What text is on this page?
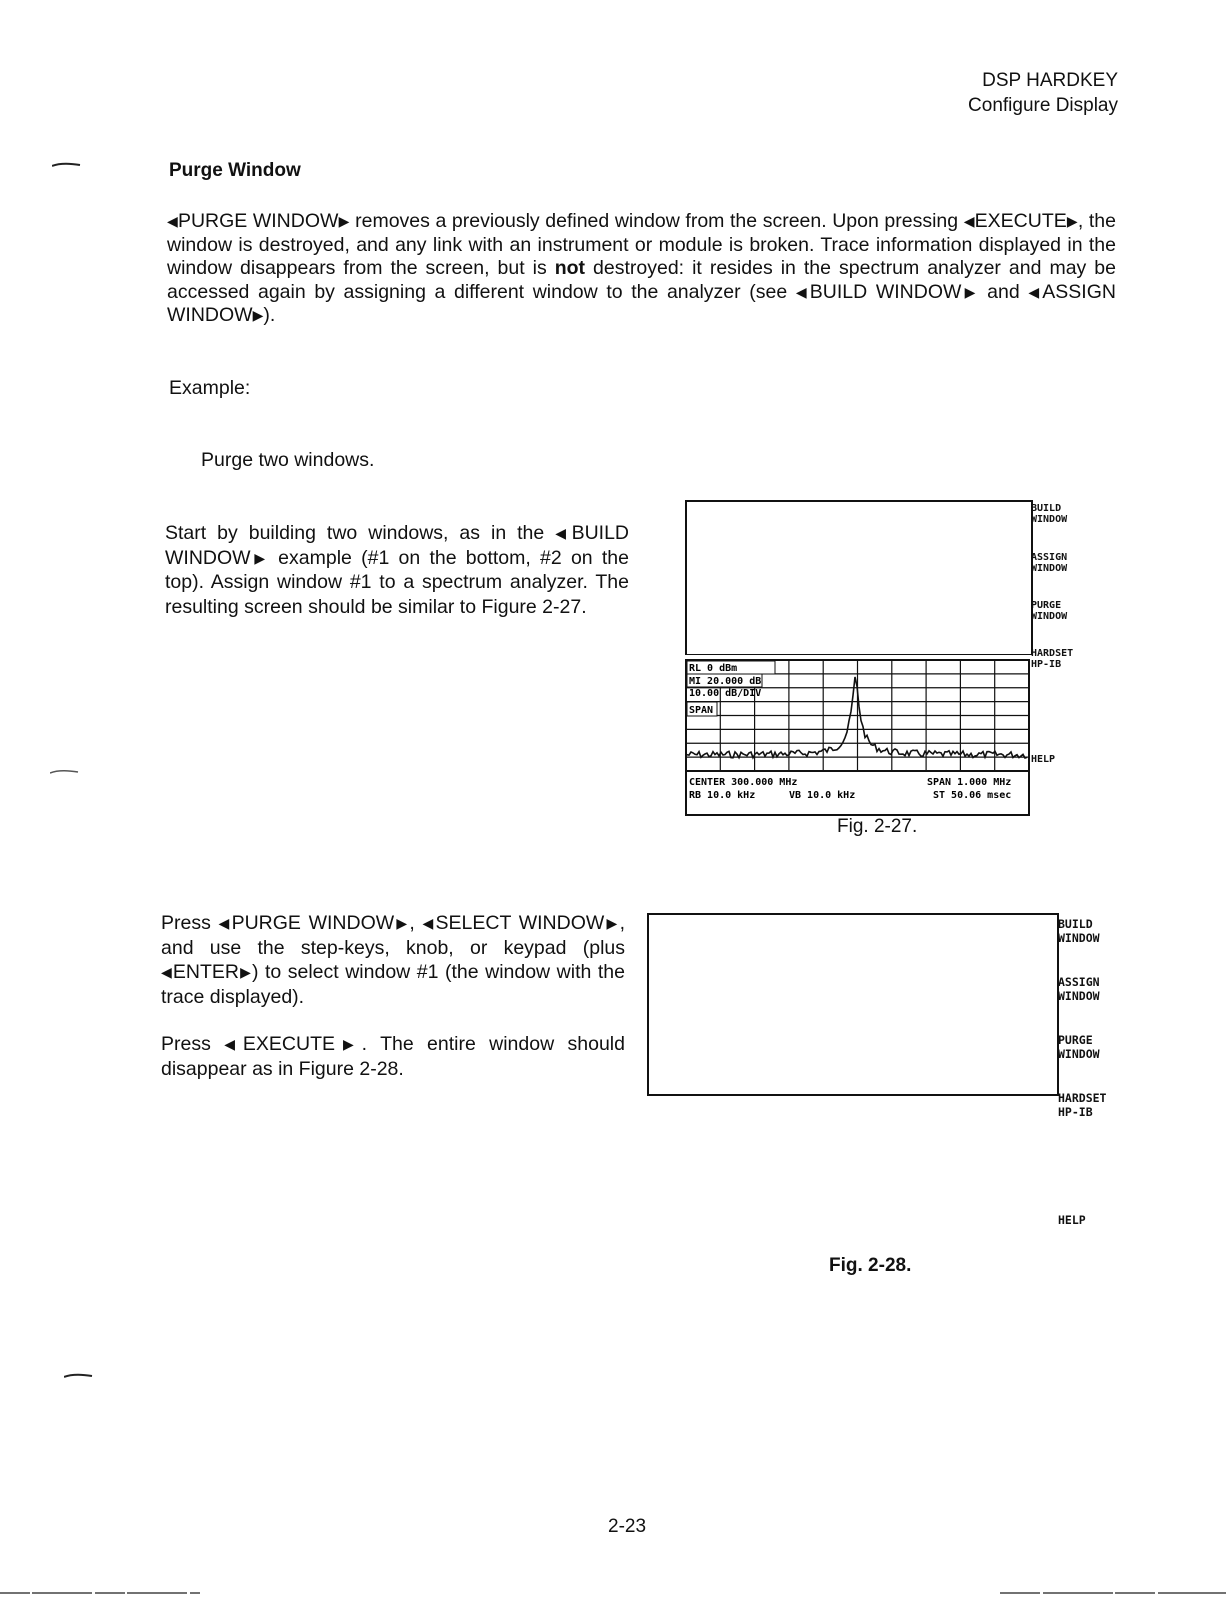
DSP HARDKEY
Configure Display
Purge Window
◀PURGE WINDOW▶ removes a previously defined window from the screen. Upon pressing ◀EXECUTE▶, the window is destroyed, and any link with an instrument or module is broken. Trace information displayed in the window disappears from the screen, but is not destroyed: it resides in the spectrum analyzer and may be accessed again by assigning a different window to the analyzer (see ◀BUILD WINDOW▶ and ◀ASSIGN WINDOW▶).
Example:
Purge two windows.
Start by building two windows, as in the ◀BUILD WINDOW▶ example (#1 on the bottom, #2 on the top). Assign window #1 to a spectrum analyzer. The resulting screen should be similar to Figure 2-27.
RL 0 dBm
MI 20.000 dB
10.00 dB/DIV
SPAN
CENTER 300.000 MHz	SPAN 1.000 MHz
RB 10.0 kHz	VB 10.0 kHz	ST 50.06 msec
BUILD
WINDOW
ASSIGN
WINDOW
PURGE
WINDOW
HARDSET
HP-IB
HELP
Fig. 2-27.
Press ◀PURGE WINDOW▶, ◀SELECT WINDOW▶, and use the step-keys, knob, or keypad (plus ◀ENTER▶) to select window #1 (the window with the trace displayed).
Press ◀EXECUTE▶. The entire window should disappear as in Figure 2-28.
BUILD
WINDOW
ASSIGN
WINDOW
PURGE
WINDOW
HARDSET
HP-IB
HELP
Fig. 2-28.
2-23
